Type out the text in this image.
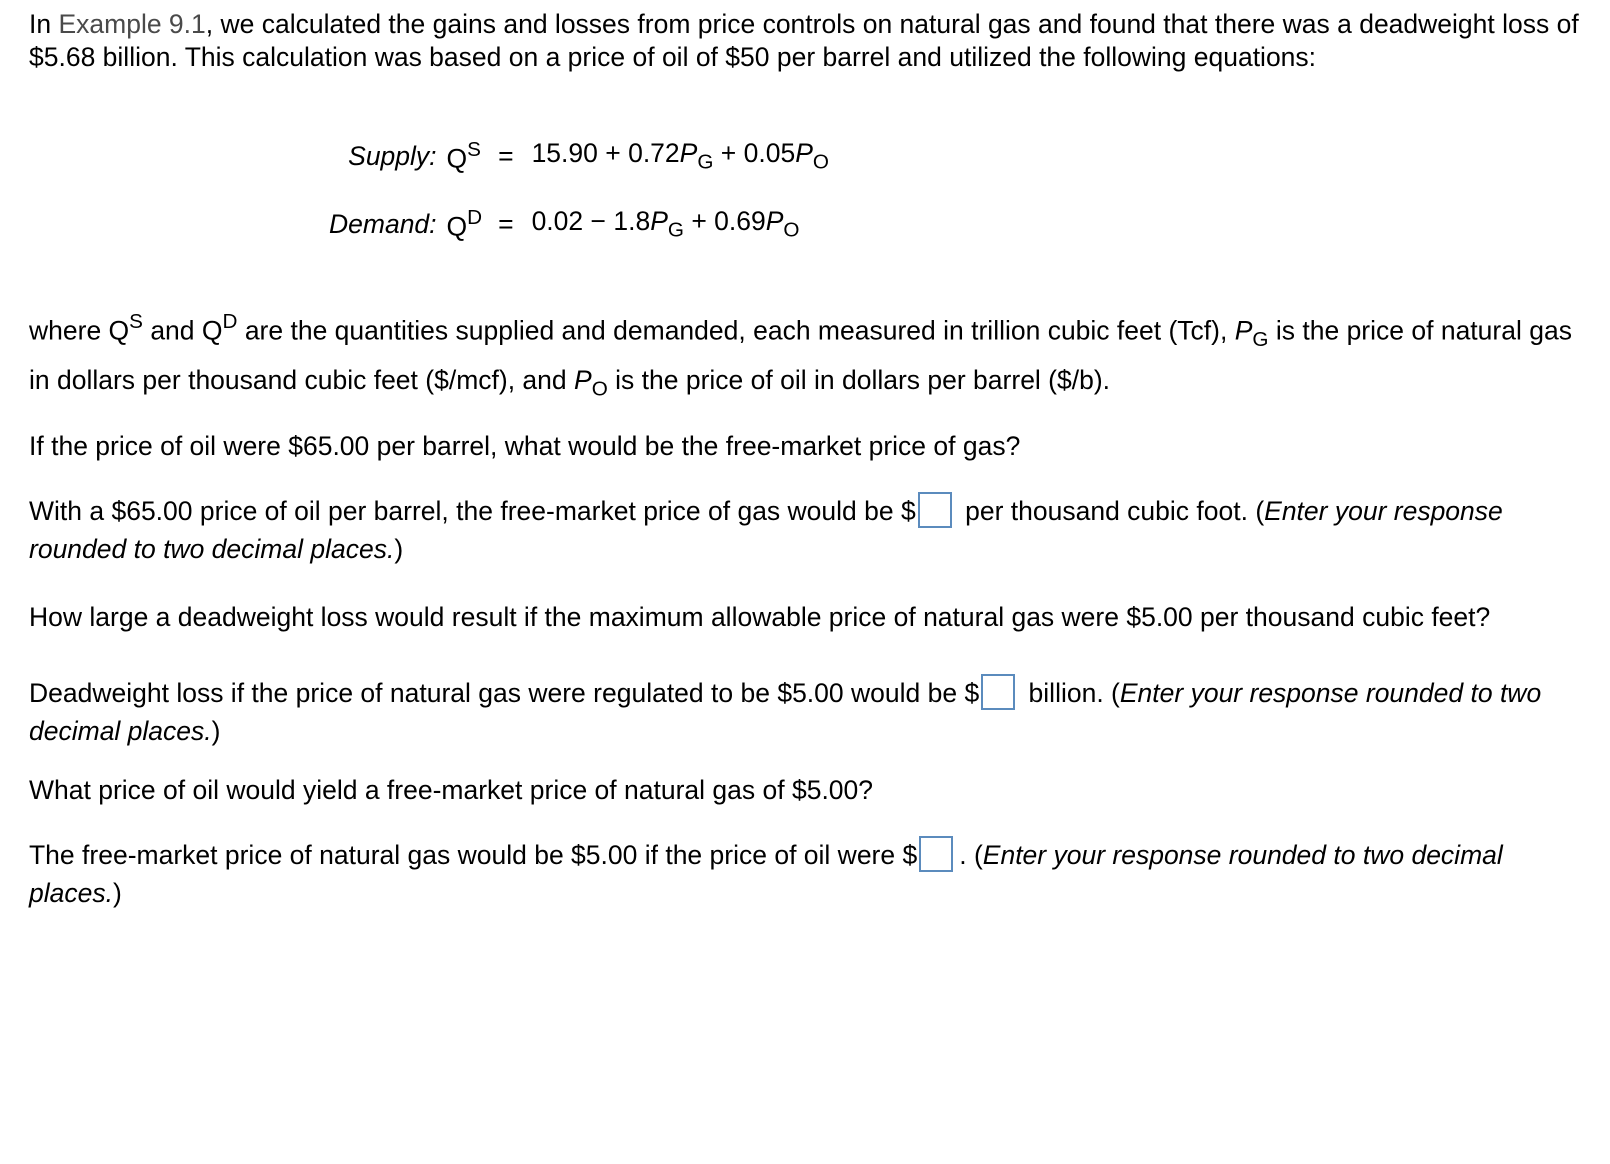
In Example 9.1, we calculated the gains and losses from price controls on natural gas and found that there was a deadweight loss of $5.68 billion. This calculation was based on a price of oil of $50 per barrel and utilized the following equations:

Supply:	$Q^S$	=	$15.90 + 0.72P_G + 0.05P_O$
Demand:	$Q^D$	=	$0.02 - 1.8P_G + 0.69P_O$

where $Q^S$ and $Q^D$ are the quantities supplied and demanded, each measured in trillion cubic feet (Tcf), $P_G$ is the price of natural gas in dollars per thousand cubic feet ($/mcf), and $P_O$ is the price of oil in dollars per barrel ($/b).

If the price of oil were $65.00 per barrel, what would be the free-market price of gas?

With a $65.00 price of oil per barrel, the free-market price of gas would be $ per thousand cubic foot. (Enter your response rounded to two decimal places.)

How large a deadweight loss would result if the maximum allowable price of natural gas were $5.00 per thousand cubic feet?

Deadweight loss if the price of natural gas were regulated to be $5.00 would be $ billion. (Enter your response rounded to two decimal places.)

What price of oil would yield a free-market price of natural gas of $5.00?

The free-market price of natural gas would be $5.00 if the price of oil were $ . (Enter your response rounded to two decimal places.)
